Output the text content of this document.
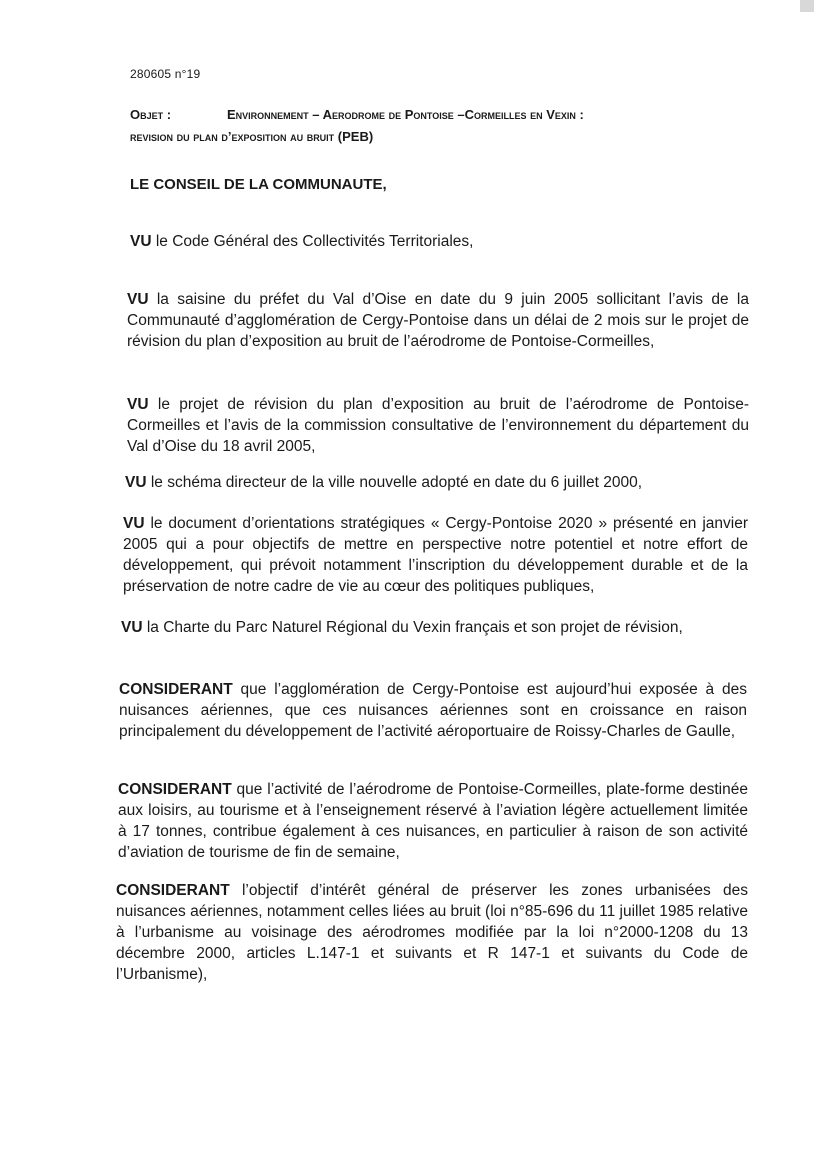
280605 n°19
Objet :	Environnement – Aerodrome de Pontoise –Cormeilles en Vexin :
revision du plan d’exposition au bruit (PEB)
LE CONSEIL DE LA COMMUNAUTE,

VU le Code Général des Collectivités Territoriales,

VU la saisine du préfet du Val d’Oise en date du 9 juin 2005 sollicitant l’avis de la Communauté d’agglomération de Cergy-Pontoise dans un délai de 2 mois sur le projet de révision du plan d’exposition au bruit de l’aérodrome de Pontoise-Cormeilles,

VU le projet de révision du plan d’exposition au bruit de l’aérodrome de Pontoise-Cormeilles et l’avis de la commission consultative de l’environnement du département du Val d’Oise du 18 avril 2005,

VU le schéma directeur de la ville nouvelle adopté en date du 6 juillet 2000,

VU le document d’orientations stratégiques « Cergy-Pontoise 2020 » présenté en janvier 2005 qui a pour objectifs de mettre en perspective notre potentiel et notre effort de développement, qui prévoit notamment l’inscription du développement durable et de la préservation de notre cadre de vie au cœur des politiques publiques,

VU la Charte du Parc Naturel Régional du Vexin français et son projet de révision,

CONSIDERANT que l’agglomération de Cergy-Pontoise est aujourd’hui exposée à des nuisances aériennes, que ces nuisances aériennes sont en croissance en raison principalement du développement de l’activité aéroportuaire de Roissy-Charles de Gaulle,

CONSIDERANT que l’activité de l’aérodrome de Pontoise-Cormeilles, plate-forme destinée aux loisirs, au tourisme et à l’enseignement réservé à l’aviation légère actuellement limitée à 17 tonnes, contribue également à ces nuisances, en particulier à raison de son activité d’aviation de tourisme de fin de semaine,

CONSIDERANT l’objectif d’intérêt général de préserver les zones urbanisées des nuisances aériennes, notamment celles liées au bruit (loi n°85-696 du 11 juillet 1985 relative à l’urbanisme au voisinage des aérodromes modifiée par la loi n°2000-1208 du 13 décembre 2000, articles L.147-1 et suivants et R 147-1 et suivants du Code de l’Urbanisme),
